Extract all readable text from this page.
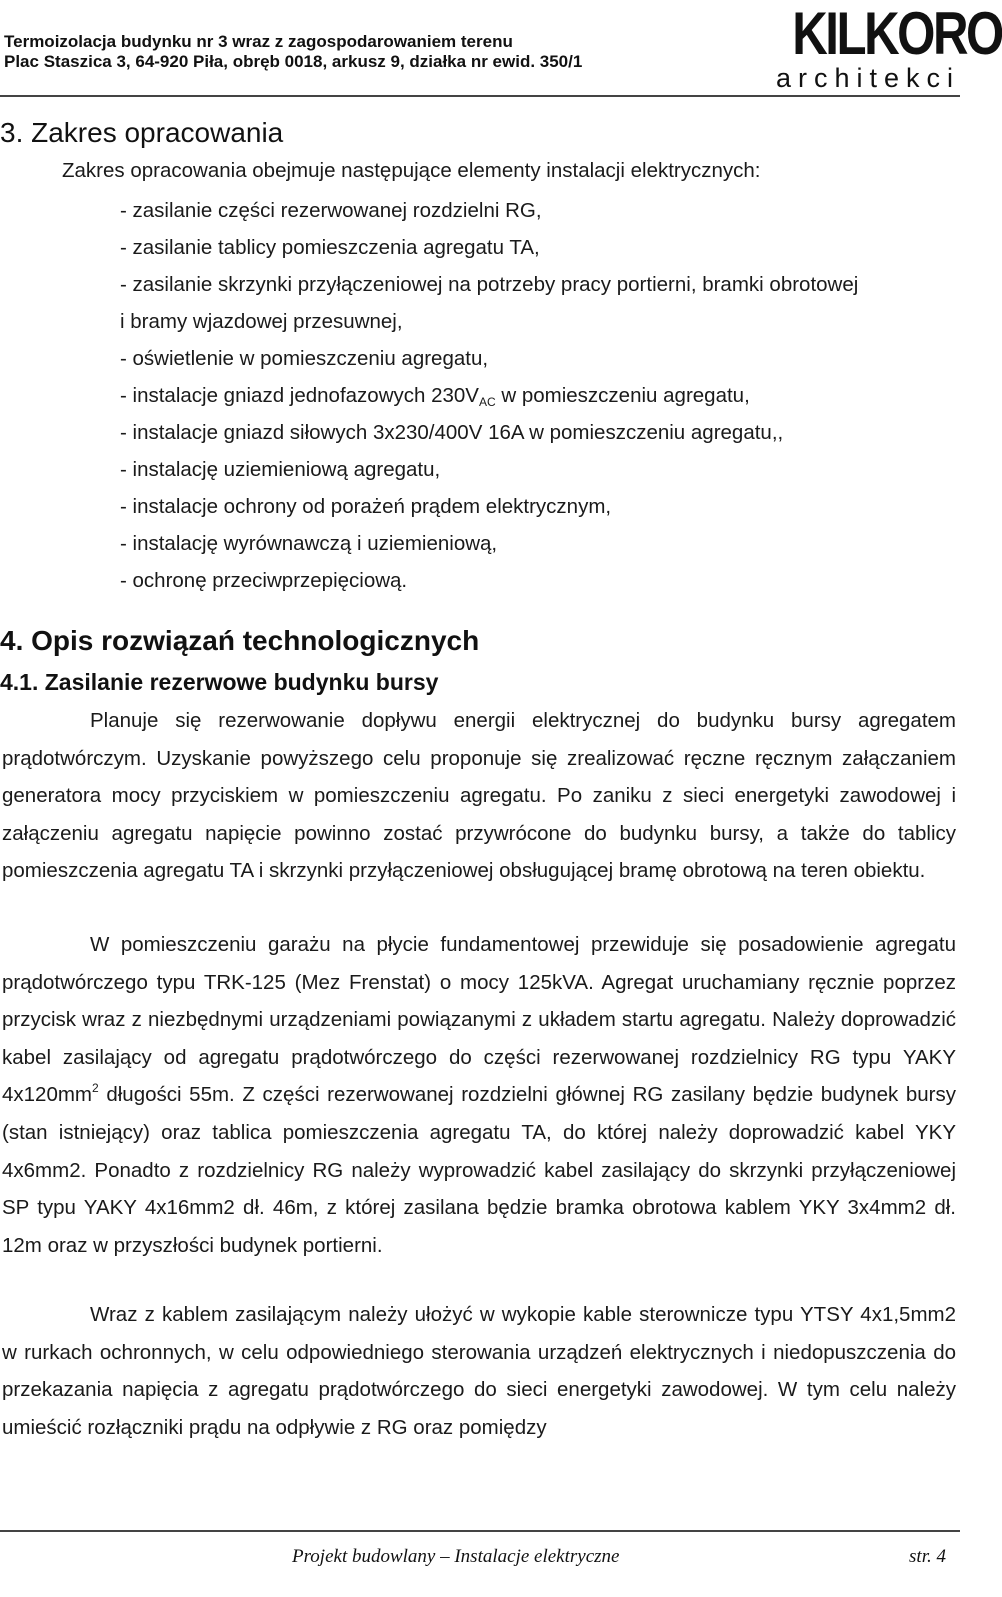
Termoizolacja budynku nr 3 wraz z zagospodarowaniem terenu
Plac Staszica 3, 64-920 Piła, obręb 0018, arkusz 9, działka nr ewid. 350/1	KILKORO
architekci
3. Zakres opracowania
Zakres opracowania obejmuje następujące elementy instalacji elektrycznych:
- zasilanie części rezerwowanej rozdzielni RG,
- zasilanie tablicy pomieszczenia agregatu TA,
- zasilanie skrzynki przyłączeniowej na potrzeby pracy portierni, bramki obrotowej
i bramy wjazdowej przesuwnej,
- oświetlenie w pomieszczeniu agregatu,
- instalacje gniazd jednofazowych $230V_{AC}$ w pomieszczeniu agregatu,
- instalacje gniazd siłowych 3x230/400V 16A w pomieszczeniu agregatu,,
- instalację uziemieniową agregatu,
- instalacje ochrony od porażeń prądem elektrycznym,
- instalację wyrównawczą i uziemieniową,
- ochronę przeciwprzepięciową.
4. Opis rozwiązań technologicznych
4.1. Zasilanie rezerwowe budynku bursy

Planuje się rezerwowanie dopływu energii elektrycznej do budynku bursy agregatem prądotwórczym. Uzyskanie powyższego celu proponuje się zrealizować ręczne ręcznym załączaniem generatora mocy przyciskiem w pomieszczeniu agregatu. Po zaniku z sieci energetyki zawodowej i załączeniu agregatu napięcie powinno zostać przywrócone do budynku bursy, a także do tablicy pomieszczenia agregatu TA i skrzynki przyłączeniowej obsługującej bramę obrotową na teren obiektu.

W pomieszczeniu garażu na płycie fundamentowej przewiduje się posadowienie agregatu prądotwórczego typu TRK-125 (Mez Frenstat) o mocy 125kVA. Agregat uruchamiany ręcznie poprzez przycisk wraz z niezbędnymi urządzeniami powiązanymi z układem startu agregatu. Należy doprowadzić kabel zasilający od agregatu prądotwórczego do części rezerwowanej rozdzielnicy RG typu YAKY $4x120mm^2$ długości 55m. Z części rezerwowanej rozdzielni głównej RG zasilany będzie budynek bursy (stan istniejący) oraz tablica pomieszczenia agregatu TA, do której należy doprowadzić kabel YKY 4x6mm2. Ponadto z rozdzielnicy RG należy wyprowadzić kabel zasilający do skrzynki przyłączeniowej SP typu YAKY 4x16mm2 dł. 46m, z której zasilana będzie bramka obrotowa kablem YKY 3x4mm2 dł. 12m oraz w przyszłości budynek portierni.

Wraz z kablem zasilającym należy ułożyć w wykopie kable sterownicze typu YTSY 4x1,5mm2 w rurkach ochronnych, w celu odpowiedniego sterowania urządzeń elektrycznych i niedopuszczenia do przekazania napięcia z agregatu prądotwórczego do sieci energetyki zawodowej. W tym celu należy umieścić rozłączniki prądu na odpływie z RG oraz pomiędzy

Projekt budowlany – Instalacje elektryczne	str. 4
